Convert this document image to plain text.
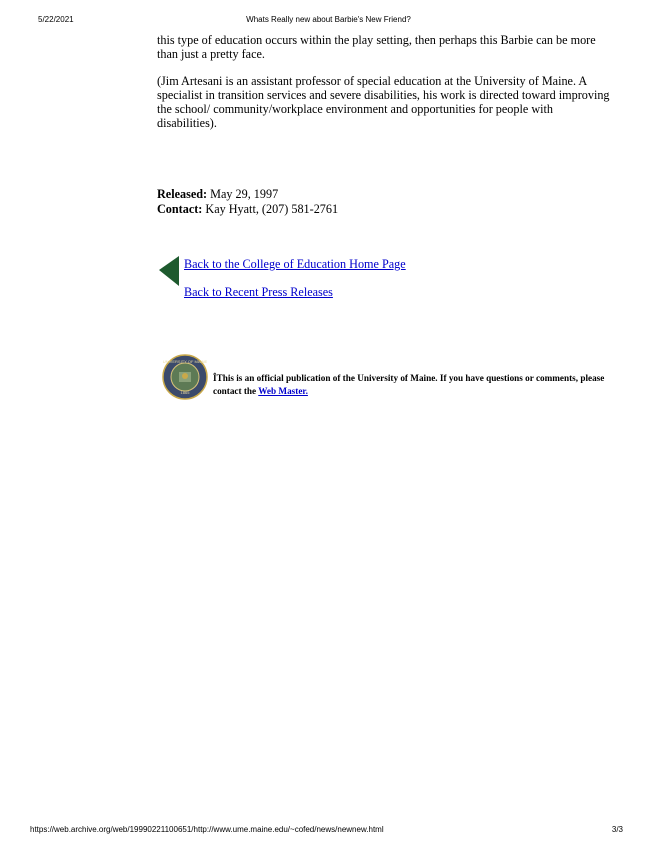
5/22/2021	Whats Really new about Barbie's New Friend?

this type of education occurs within the play setting, then perhaps this Barbie can be more than just a pretty face.

(Jim Artesani is an assistant professor of special education at the University of Maine. A specialist in transition services and severe disabilities, his work is directed toward improving the school/ community/workplace environment and opportunities for people with disabilities).

Released: May 29, 1997
Contact: Kay Hyatt, (207) 581-2761
Back to the College of Education Home Page
Back to Recent Press Releases
UNIVERSITY OF MAINE
1865
ÎThis is an official publication of the University of Maine. If you have questions or comments, please contact the Web Master.
https://web.archive.org/web/19990221100651/http://www.ume.maine.edu/~cofed/news/newnew.html	3/3
